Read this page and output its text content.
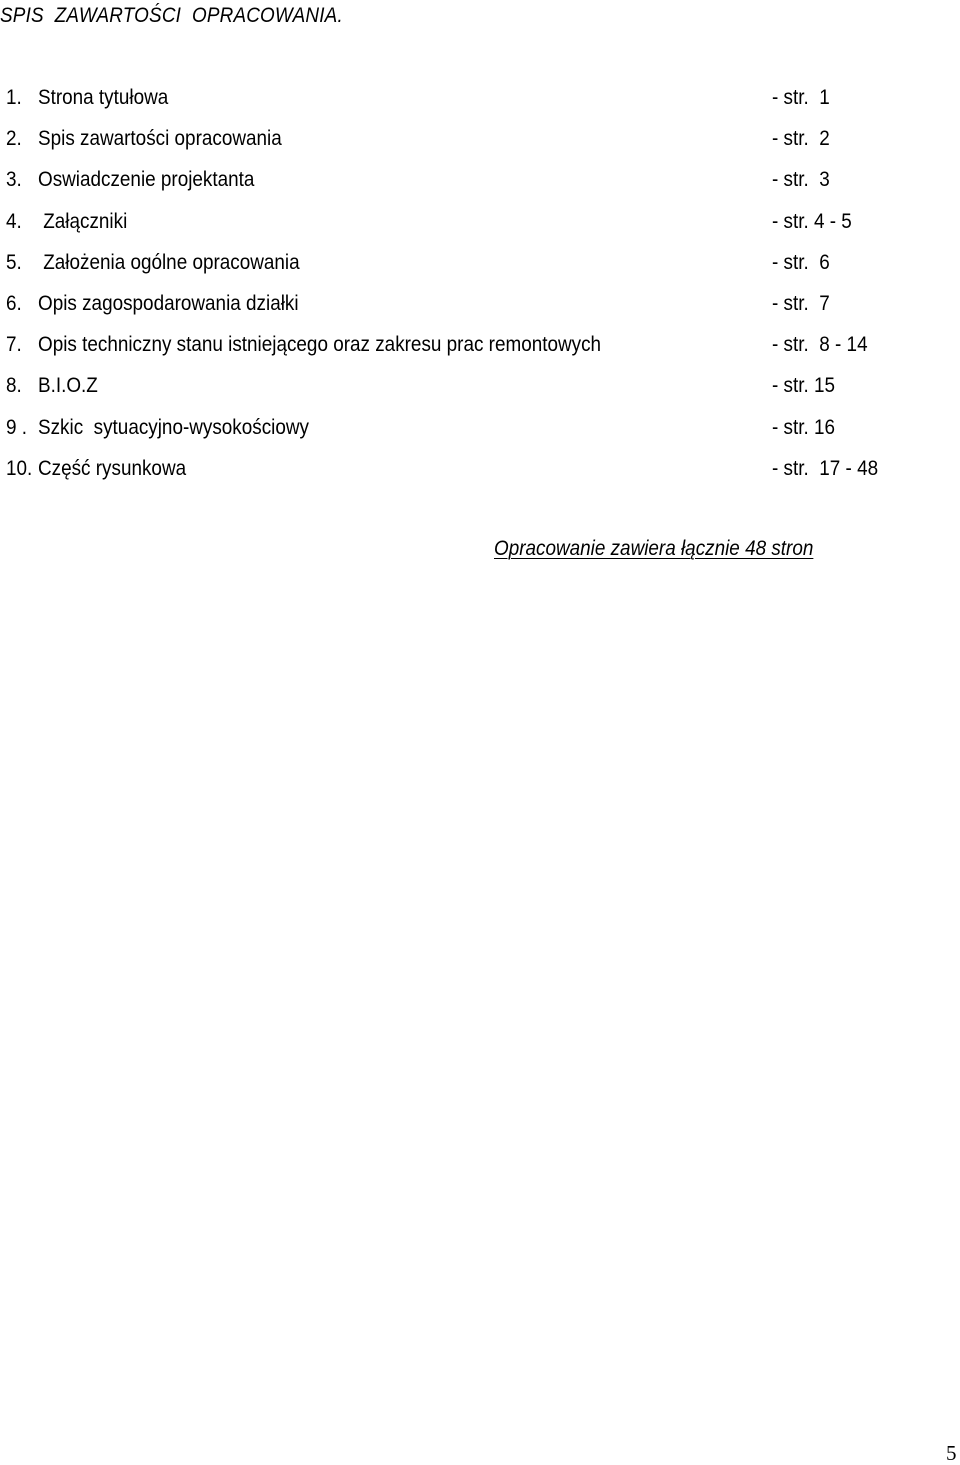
SPIS  ZAWARTOŚCI  OPRACOWANIA.
1. Strona tytułowa	- str.  1
2. Spis zawartości opracowania	- str.  2
3. Oswiadczenie projektanta	- str.  3
4. Załączniki	- str. 4 - 5
5. Założenia ogólne opracowania	- str.  6
6. Opis zagospodarowania działki	- str.  7
7. Opis techniczny stanu istniejącego oraz zakresu prac remontowych	- str.  8 - 14
8. B.I.O.Z	- str. 15
9 . Szkic  sytuacyjno-wysokościowy	- str. 16
10. Część rysunkowa	- str.  17 - 48
Opracowanie zawiera łącznie 48 stron
5
